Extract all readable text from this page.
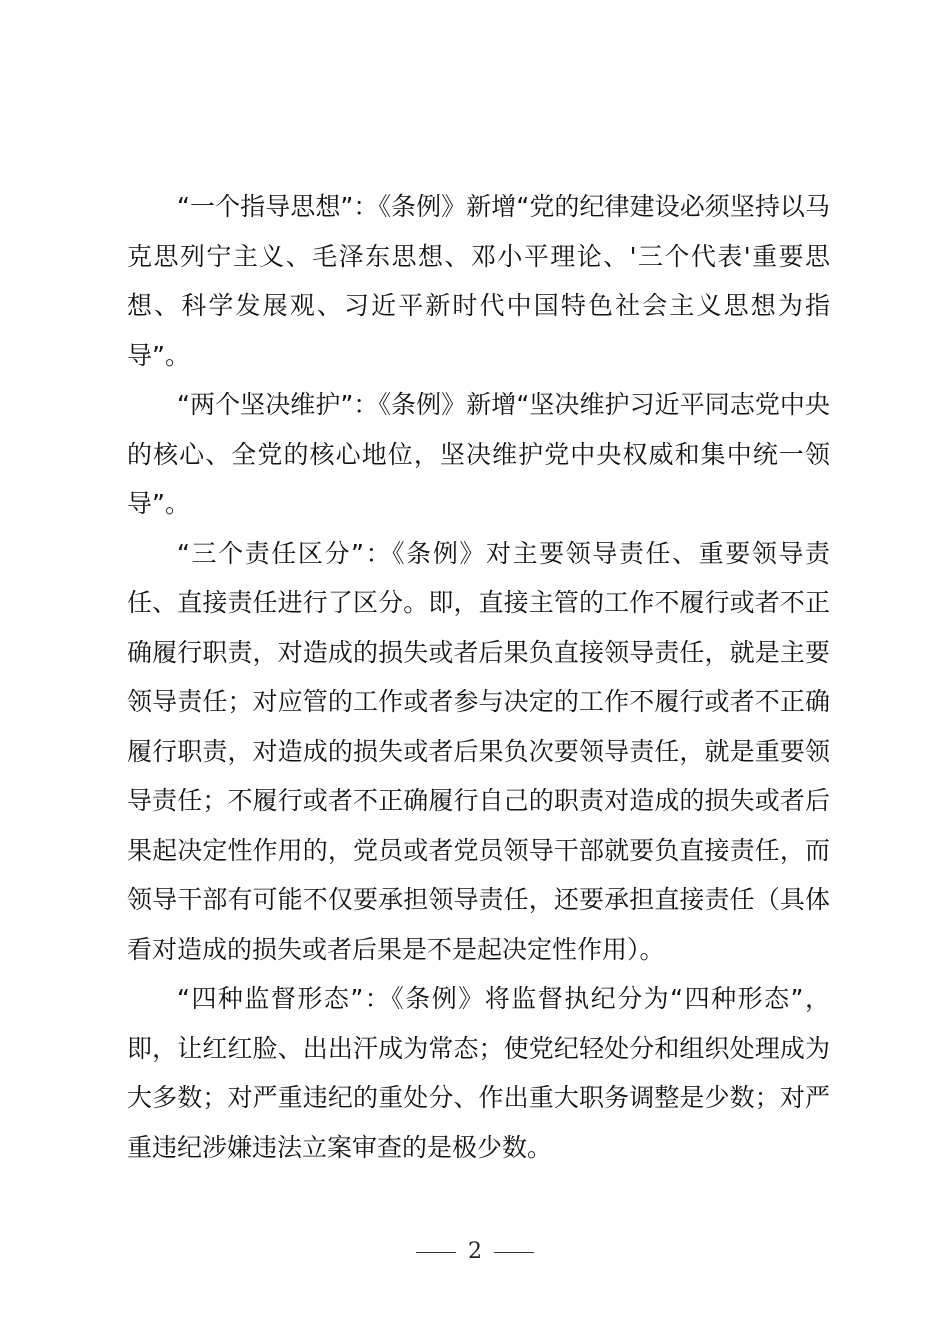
“一个指导思想”：《条例》新增“党的纪律建设必须坚持以马克思列宁主义、毛泽东思想、邓小平理论、'三个代表'重要思想、科学发展观、习近平新时代中国特色社会主义思想为指导”。

“两个坚决维护”：《条例》新增“坚决维护习近平同志党中央的核心、全党的核心地位，坚决维护党中央权威和集中统一领导”。

“三个责任区分”：《条例》对主要领导责任、重要领导责任、直接责任进行了区分。即，直接主管的工作不履行或者不正确履行职责，对造成的损失或者后果负直接领导责任，就是主要领导责任；对应管的工作或者参与决定的工作不履行或者不正确履行职责，对造成的损失或者后果负次要领导责任，就是重要领导责任；不履行或者不正确履行自己的职责对造成的损失或者后果起决定性作用的，党员或者党员领导干部就要负直接责任，而领导干部有可能不仅要承担领导责任，还要承担直接责任（具体看对造成的损失或者后果是不是起决定性作用）。

“四种监督形态”：《条例》将监督执纪分为“四种形态”，即，让红红脸、出出汗成为常态；使党纪轻处分和组织处理成为大多数；对严重违纪的重处分、作出重大职务调整是少数；对严重违纪涉嫌违法立案审查的是极少数。

2
